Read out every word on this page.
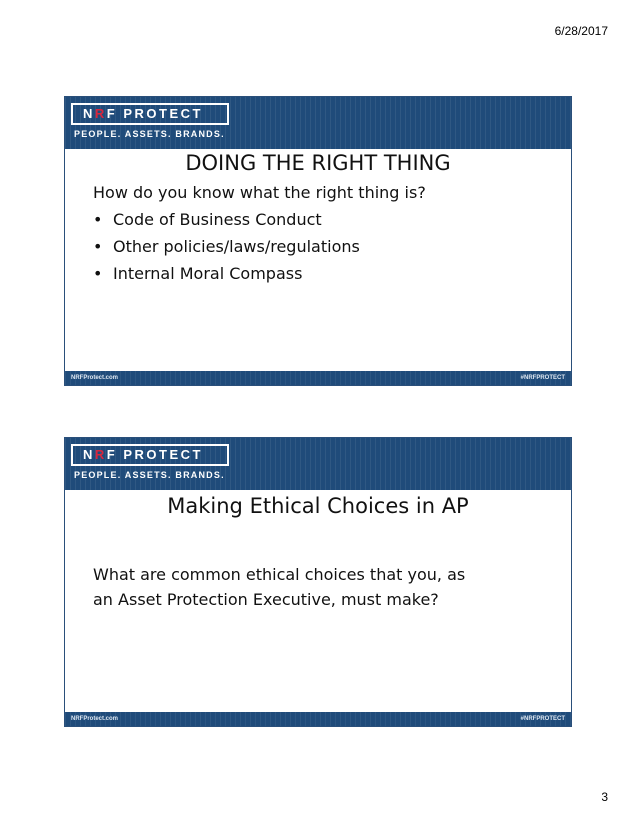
6/28/2017
NRF PROTECT
PEOPLE. ASSETS. BRANDS.
DOING THE RIGHT THING
How do you know what the right thing is?
• Code of Business Conduct
• Other policies/laws/regulations
• Internal Moral Compass
NRFProtect.com	#NRFPROTECT
NRF PROTECT
PEOPLE. ASSETS. BRANDS.
Making Ethical Choices in AP
What are common ethical choices that you, as
an Asset Protection Executive, must make?
NRFProtect.com	#NRFPROTECT
3
